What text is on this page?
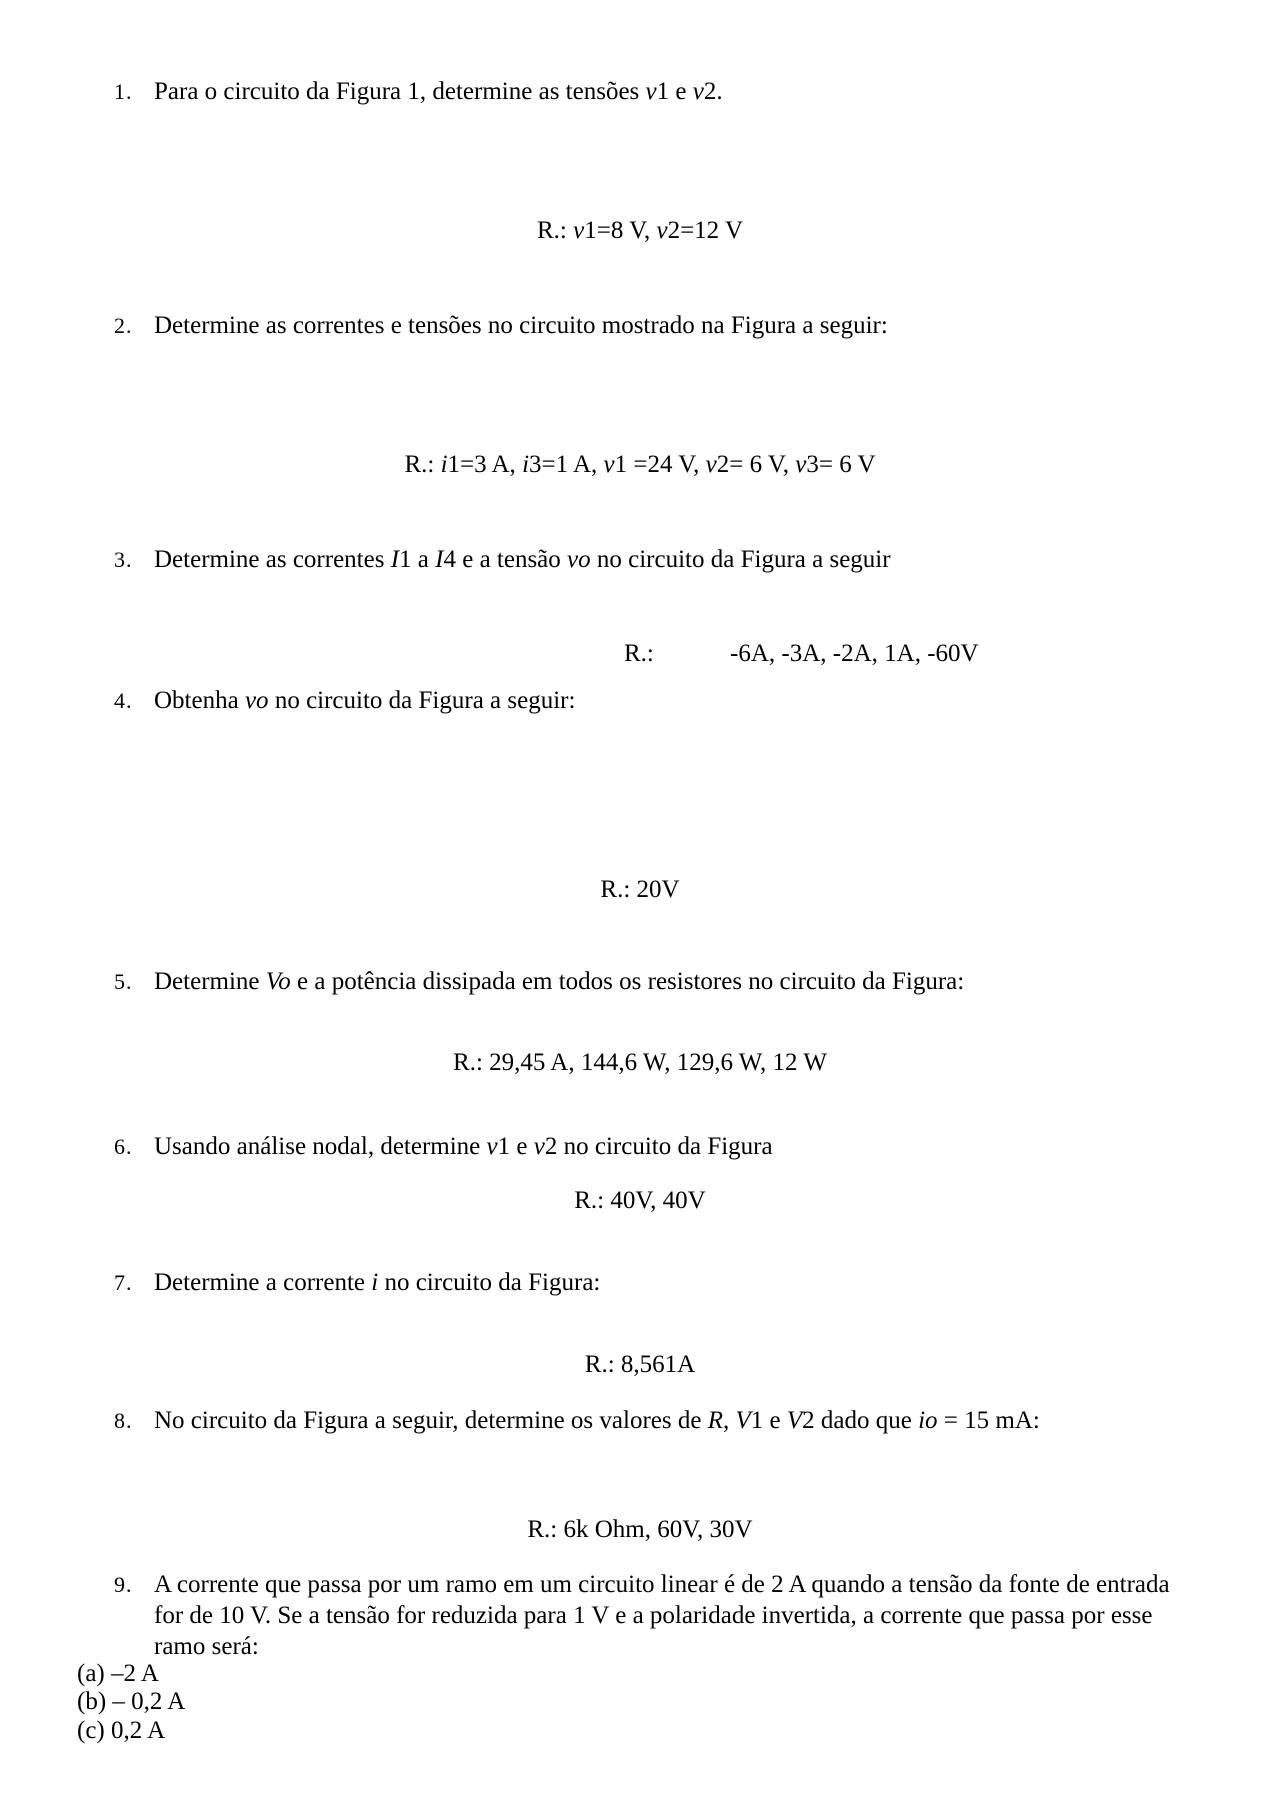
1. Para o circuito da Figura 1, determine as tensões v1 e v2.
R.: v1=8 V, v2=12 V
2. Determine as correntes e tensões no circuito mostrado na Figura a seguir:
R.: i1=3 A, i3=1 A, v1 =24 V, v2= 6 V, v3= 6 V
3. Determine as correntes I1 a I4 e a tensão vo no circuito da Figura a seguir
R.:	-6A, -3A, -2A, 1A, -60V
4. Obtenha vo no circuito da Figura a seguir:
R.: 20V
5. Determine Vo e a potência dissipada em todos os resistores no circuito da Figura:
R.: 29,45 A, 144,6 W, 129,6 W, 12 W
6. Usando análise nodal, determine v1 e v2 no circuito da Figura
R.: 40V, 40V
7. Determine a corrente i no circuito da Figura:
R.: 8,561A
8. No circuito da Figura a seguir, determine os valores de R, V1 e V2 dado que io = 15 mA:
R.: 6k Ohm, 60V, 30V
9. A corrente que passa por um ramo em um circuito linear é de 2 A quando a tensão da fonte de entrada for de 10 V. Se a tensão for reduzida para 1 V e a polaridade invertida, a corrente que passa por esse ramo será:
(a) –2 A
(b) – 0,2 A
(c) 0,2 A
